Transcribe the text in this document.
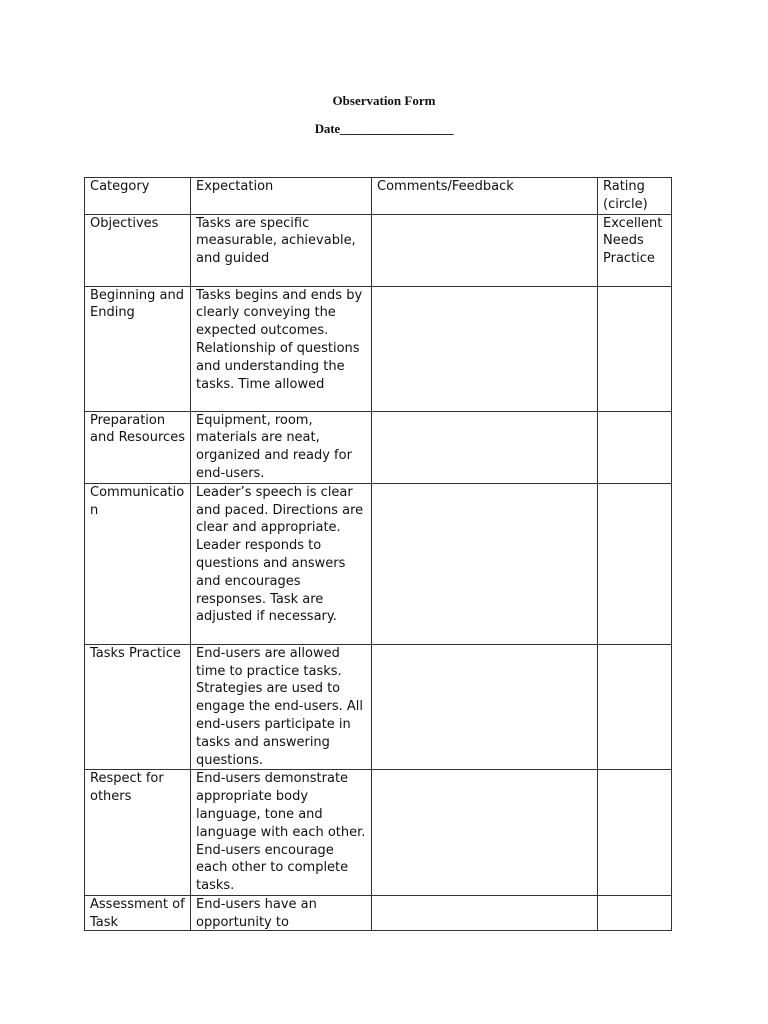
Observation Form
Date__________________
Category	Expectation	Comments/Feedback	Rating (circle)
Objectives	Tasks are specific measurable, achievable, and guided		Excellent
Needs Practice

Beginning and Ending	Tasks begins and ends by clearly conveying the expected outcomes. Relationship of questions and understanding the tasks. Time allowed		

Preparation and Resources	Equipment, room, materials are neat, organized and ready for end-users.		
Communication	Leader’s speech is clear and paced. Directions are clear and appropriate. Leader responds to questions and answers and encourages responses. Task are adjusted if necessary.		
Tasks Practice	End-users are allowed time to practice tasks. Strategies are used to engage the end-users. All end-users participate in tasks and answering questions.		
Respect for others	End-users demonstrate appropriate body language, tone and language with each other. End-users encourage each other to complete tasks.		

Assessment of Task	End-users have an opportunity to		
